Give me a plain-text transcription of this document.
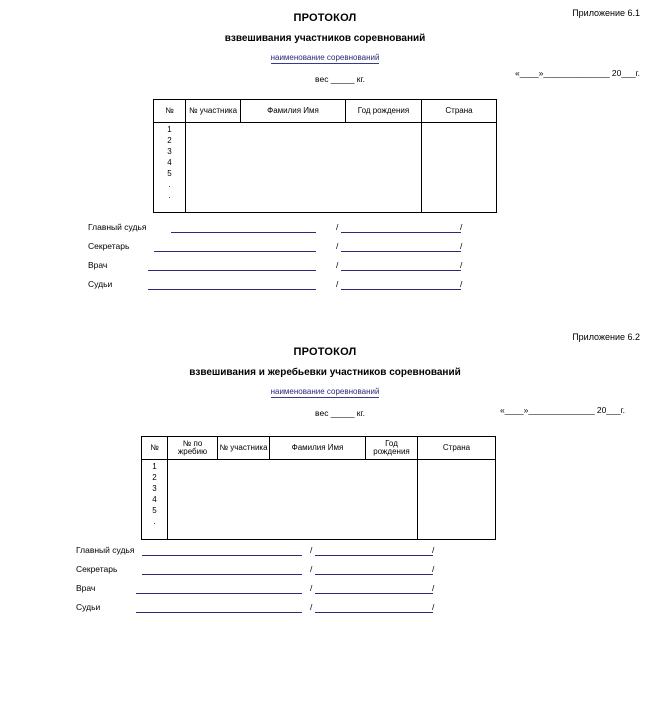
Приложение 6.1
ПРОТОКОЛ
взвешивания участников соревнований
наименование соревнований
вес _____ кг.
«____»______________ 20___г.
№	№ участника	Фамилия Имя	Год рождения	Страна

1
2
3
4
5
.
.

Главный судья	/	/
Секретарь	/	/
Врач	/	/
Судьи	/	/
Приложение 6.2
ПРОТОКОЛ
взвешивания и жеребьевки участников соревнований
наименование соревнований
вес _____ кг.	«____»______________ 20___г.
№	№ по жребию	№ участника	Фамилия Имя	Год рождения	Страна

1
2
3
4
5
.

Главный судья	/	/
Секретарь	/	/
Врач	/	/
Судьи	/	/
